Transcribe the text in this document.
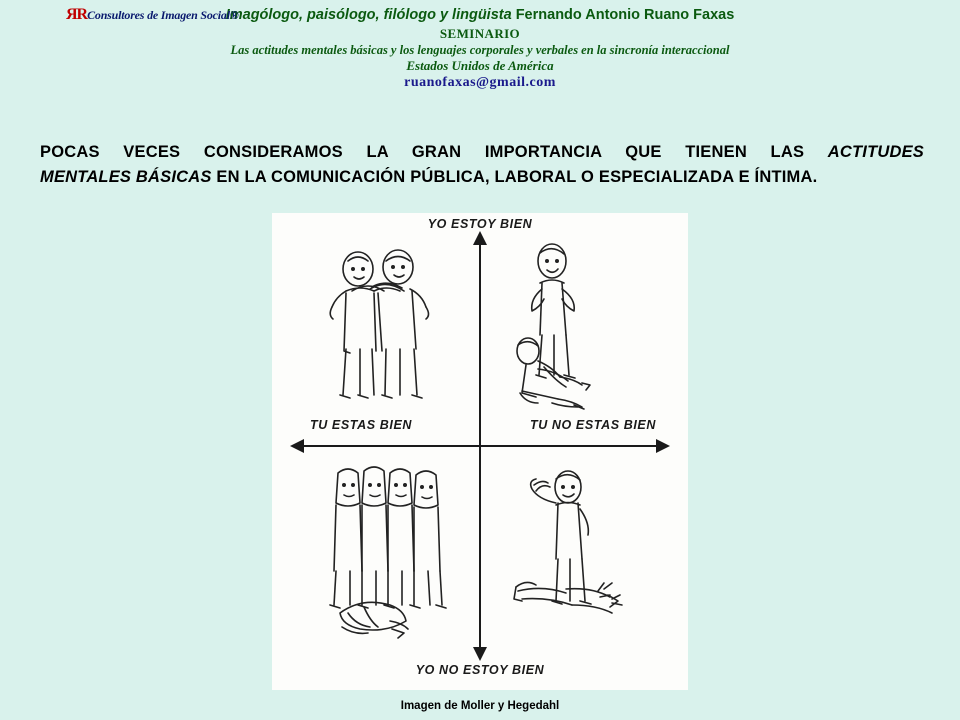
ЯRConsultores de Imagen Social®
Imagólogo, paisólogo, filólogo y lingüista Fernando Antonio Ruano Faxas
SEMINARIO
Las actitudes mentales básicas y los lenguajes corporales y verbales en la sincronía interaccional
Estados Unidos de América
ruanofaxas@gmail.com
POCAS VECES CONSIDERAMOS LA GRAN IMPORTANCIA QUE TIENEN LAS ACTITUDES
MENTALES BÁSICAS EN LA COMUNICACIÓN PÚBLICA, LABORAL O ESPECIALIZADA E ÍNTIMA.
YO ESTOY BIEN
YO NO ESTOY BIEN
TU ESTAS BIEN	TU NO ESTAS BIEN
Imagen de Moller y Hegedahl
